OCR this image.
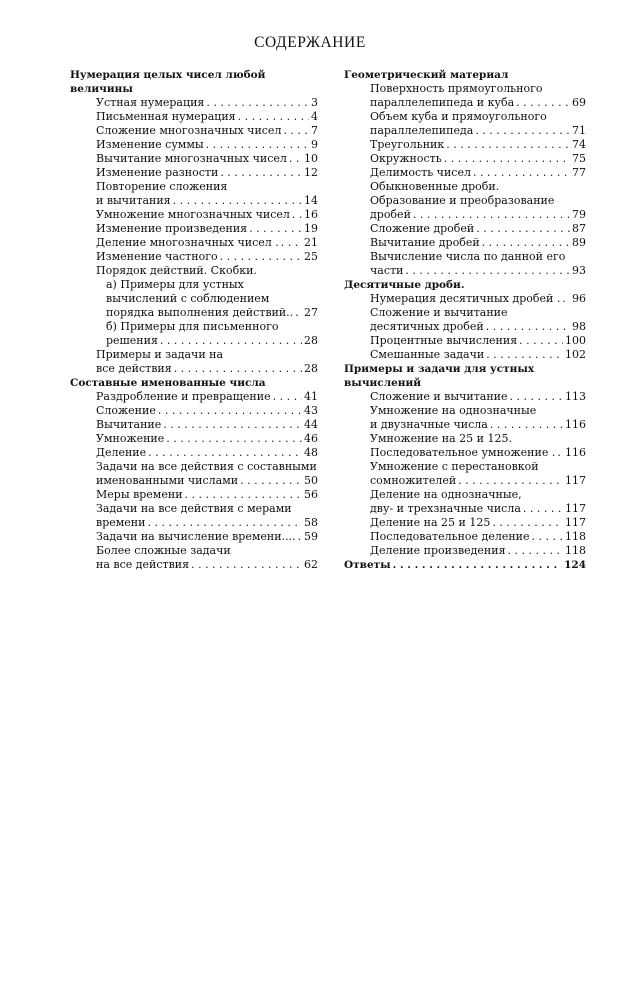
СОДЕРЖАНИЕ
Нумерация целых чисел любой
величины
Устная нумерация . . .	3
Письменная нумерация . . .	4
Сложение многозначных чисел . . .	7
Изменение суммы . . .	9
Вычитание многозначных чисел . . . 10
Изменение разности . . .	12
Повторение сложения
и вычитания . . .	14
Умножение многозначных чисел . . . 16
Изменение произведения . . .	19
Деление многозначных чисел . . . . 21
Изменение частного . . .	25
Порядок действий. Скобки.
а) Примеры для устных
вычислений с соблюдением
порядка выполнения действий.. . . . 27
б) Примеры для письменного
решения . . .	28
Примеры и задачи на
все действия . . .	28
Составные именованные числа
Раздробление и превращение . . .	41
Сложение . . .	43
Вычитание . . .	44
Умножение . . .	46
Деление . . .	48
Задачи на все действия с составными
именованными числами . . .	50
Меры времени . . .	56
Задачи на все действия с мерами
времени . . .	58
Задачи на вычисление времени.... . . . 59
Более сложные задачи
на все действия . . .	62
Геометрический материал
Поверхность прямоугольного
параллелепипеда и куба . . .	69
Объем куба и прямоугольного
параллелепипеда . . .	71
Треугольник . . .	74
Окружность . . .	75
Делимость чисел . . .	77
Обыкновенные дроби.
Образование и преобразование
дробей . . .	79
Сложение дробей . . .	87
Вычитание дробей . . .	89
Вычисление числа по данной его
части . . .	93
Десятичные дроби.
Нумерация десятичных дробей . . . . 96
Сложение и вычитание
десятичных дробей . . .	98
Процентные вычисления . . .	100
Смешанные задачи . . .	102
Примеры и задачи для устных
вычислений
Сложение и вычитание . . .	113
Умножение на однозначные
и двузначные числа . . .	116
Умножение на 25 и 125.
Последовательное умножение . . . . 116
Умножение с перестановкой
сомножителей . . .	117
Деление на однозначные,
дву- и трехзначные числа . . .	117
Деление на 25 и 125 . . .	117
Последовательное деление . . .	118
Деление произведения . . .	118
Ответы . . .	124
